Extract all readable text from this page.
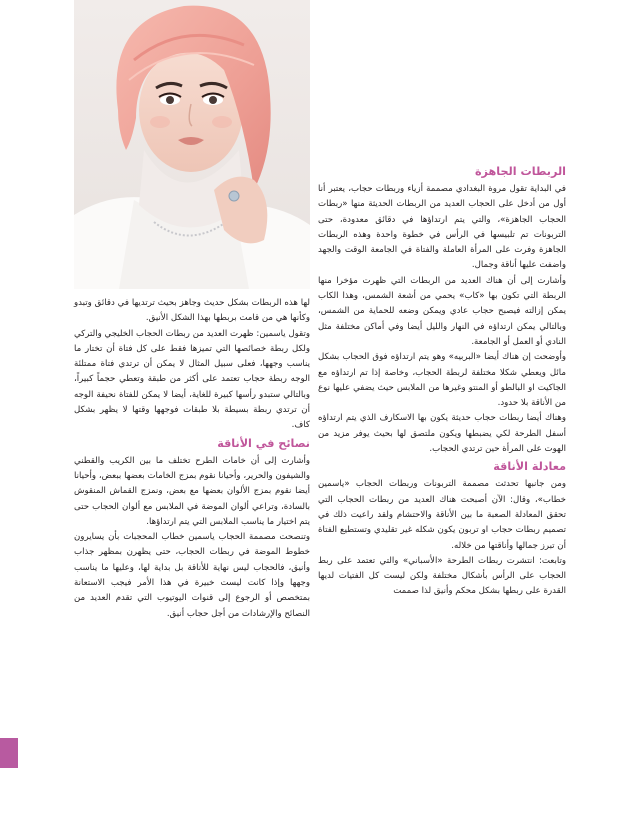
لها هذه الربطات بشكل حديث وجاهز بحيث ترتديها في دقائق وتبدو وكأنها هي من قامت بربطها بهذا الشكل الأنيق.

وتقول ياسمين: ظهرت العديد من ربطات الحجاب الخليجي والتركي ولكل ربطة خصائصها التي تميزها فقط على كل فتاة أن تختار ما يناسب وجهها، فعلى سبيل المثال لا يمكن أن ترتدي فتاة ممتلئة الوجه ربطة حجاب تعتمد على أكثر من طبقة وتعطي حجماً كبيراً، وبالتالي ستبدو رأسها كبيرة للغاية، أيضا لا يمكن للفتاة نحيفة الوجه أن ترتدي ربطة بسيطة بلا طبقات فوجهها وقتها لا يظهر بشكل كاف.

نصائح في الأناقة

وأشارت إلى أن خامات الطرح تختلف ما بين الكريب والقطني والشيفون والحرير، وأحيانا نقوم بمزج الخامات بعضها ببعض، وأحيانا أيضا نقوم بمزج الألوان بعضها مع بعض، ونمزج القماش المنقوش بالسادة، وتراعي ألوان الموضة في الملابس مع ألوان الحجاب حتى يتم اختيار ما يناسب الملابس التي يتم ارتداؤها.

وتنصحت مصممة الحجاب ياسمين خطاب المحجبات بأن يسايرون خطوط الموضة في ربطات الحجاب، حتى يظهرن بمظهر جذاب وأنيق، فالحجاب ليس نهاية للأناقة بل بداية لها، وعليها ما يناسب وجهها وإذا كانت ليست خبيرة في هذا الأمر فيجب الاستعانة بمتخصص أو الرجوع إلى قنوات اليوتيوب التي تقدم العديد من النصائح والإرشادات من أجل حجاب أنيق.

الربطات الجاهزة

في البداية تقول مروة البغدادي مصممة أزياء وربطات حجاب، يعتبر أنا أول من أدخل على الحجاب العديد من الربطات الحديثة منها «ربطات الحجاب الجاهزة»، والتي يتم ارتداؤها في دقائق معدودة، حتى التربونات تم تلبيسها في الرأس في خطوة واحدة وهذه الربطات الجاهزة وفرت على المرأة العاملة والفتاة في الجامعة الوقت والجهد واضفت عليها أناقة وجمال.

وأشارت إلى أن هناك العديد من الربطات التي ظهرت مؤخرا منها الربطة التي تكون بها «كاب» يحمي من أشعة الشمس، وهذا الكاب يمكن إزالته فيصبح حجاب عادي ويمكن وضعه للحماية من الشمس، وبالتالي يمكن ارتداؤه في النهار والليل أيضا وفي أماكن مختلفة مثل النادي أو العمل أو الجامعة.

وأوضحت إن هناك أيضا «البربيه» وهو يتم ارتداؤه فوق الحجاب بشكل مائل ويعطي شكلا مختلفة لربطة الحجاب، وخاصة إذا تم ارتداؤه مع الجاكيت او البالطو أو المنتو وغيرها من الملابس حيث يضفي عليها نوع من الأناقة بلا حدود.

وهناك أيضا ربطات حجاب حديثة يكون بها الاسكارف الذي يتم ارتداؤه أسفل الطرحة لكي يضبطها ويكون ملتصق لها بحيث يوفر مزيد من الهوت على المرأة حين ترتدي الحجاب.

معادلة الأناقة

ومن جانبها تحدثت مصممة التربونات وربطات الحجاب «ياسمين خطاب»، وقال: الآن أصبحت هناك العديد من ربطات الحجاب التي تحقق المعادلة الصعبة ما بين الأناقة والاحتشام ولقد راعيت ذلك في تصميم ربطات حجاب او تربون يكون شكله غير تقليدي وتستطيع الفتاة أن تبرز جمالها وأناقتها من خلاله.

وتابعت: انتشرت ربطات الطرحة «الأسباني» والتي تعتمد على ربط الحجاب على الرأس بأشكال مختلفة ولكن ليست كل الفتيات لديها القدرة على ربطها بشكل محكم وأنيق لذا صممت
